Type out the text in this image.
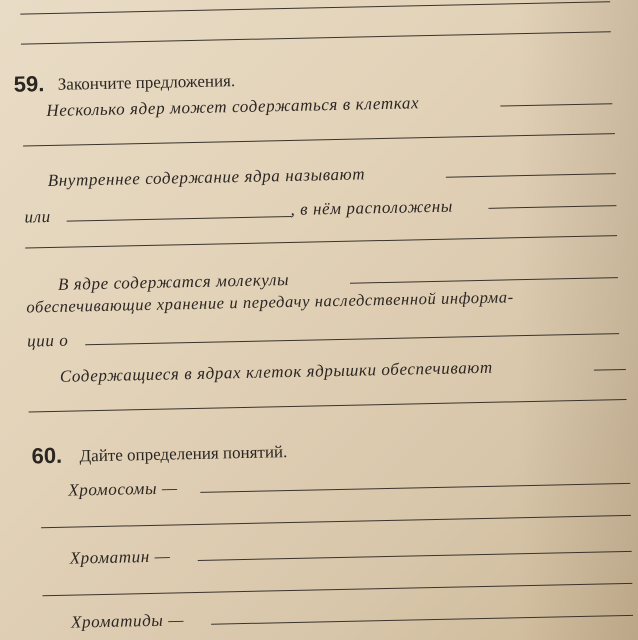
59. Закончите предложения.
Несколько ядер может содержаться в клетках
Внутреннее содержание ядра называют
или	, в нём расположены
В ядре содержатся молекулы
обеспечивающие хранение и передачу наследственной информа-
ции о
Содержащиеся в ядрах клеток ядрышки обеспечивают
60. Дайте определения понятий.
Хромосомы —
Хроматин —
Хроматиды —
